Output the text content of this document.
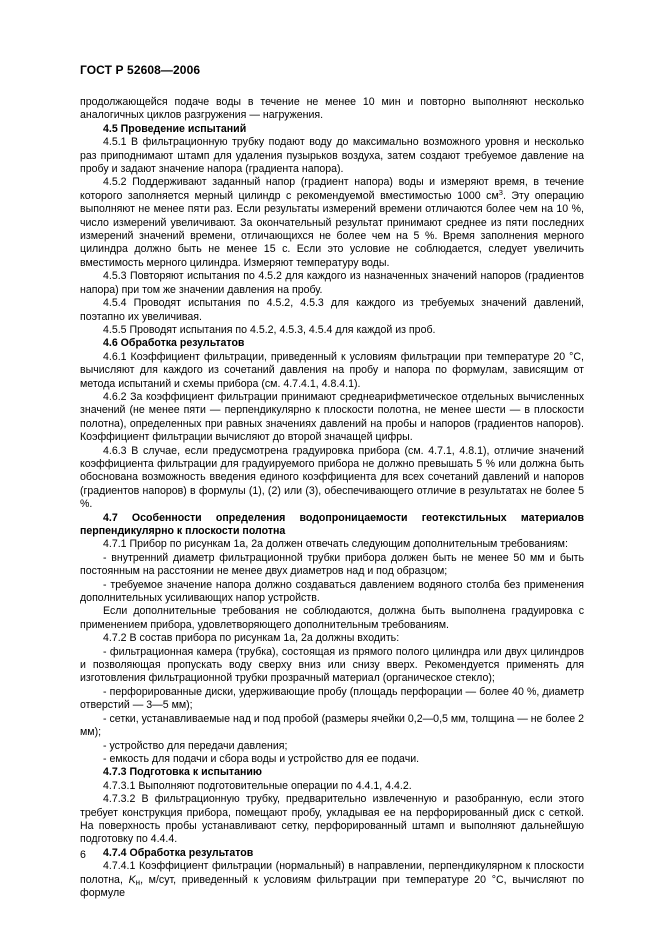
ГОСТ Р 52608—2006

продолжающейся подаче воды в течение не менее 10 мин и повторно выполняют несколько аналогичных циклов разгружения — нагружения.

4.5 Проведение испытаний

4.5.1 В фильтрационную трубку подают воду до максимально возможного уровня и несколько раз приподнимают штамп для удаления пузырьков воздуха, затем создают требуемое давление на пробу и задают значение напора (градиента напора).

4.5.2 Поддерживают заданный напор (градиент напора) воды и измеряют время, в течение которого заполняется мерный цилиндр с рекомендуемой вместимостью 1000 $см^3$. Эту операцию выполняют не менее пяти раз. Если результаты измерений времени отличаются более чем на 10 %, число измерений увеличивают. За окончательный результат принимают среднее из пяти последних измерений значений времени, отличающихся не более чем на 5 %. Время заполнения мерного цилиндра должно быть не менее 15 с. Если это условие не соблюдается, следует увеличить вместимость мерного цилиндра. Измеряют температуру воды.

4.5.3 Повторяют испытания по 4.5.2 для каждого из назначенных значений напоров (градиентов напора) при том же значении давления на пробу.

4.5.4 Проводят испытания по 4.5.2, 4.5.3 для каждого из требуемых значений давлений, поэтапно их увеличивая.

4.5.5 Проводят испытания по 4.5.2, 4.5.3, 4.5.4 для каждой из проб.

4.6 Обработка результатов

4.6.1 Коэффициент фильтрации, приведенный к условиям фильтрации при температуре 20 °С, вычисляют для каждого из сочетаний давления на пробу и напора по формулам, зависящим от метода испытаний и схемы прибора (см. 4.7.4.1, 4.8.4.1).

4.6.2 За коэффициент фильтрации принимают среднеарифметическое отдельных вычисленных значений (не менее пяти — перпендикулярно к плоскости полотна, не менее шести — в плоскости полотна), определенных при равных значениях давлений на пробы и напоров (градиентов напоров). Коэффициент фильтрации вычисляют до второй значащей цифры.

4.6.3 В случае, если предусмотрена градуировка прибора (см. 4.7.1, 4.8.1), отличие значений коэффициента фильтрации для градуируемого прибора не должно превышать 5 % или должна быть обоснована возможность введения единого коэффициента для всех сочетаний давлений и напоров (градиентов напоров) в формулы (1), (2) или (3), обеспечивающего отличие в результатах не более 5 %.

4.7 Особенности определения водопроницаемости геотекстильных материалов перпендикулярно к плоскости полотна

4.7.1 Прибор по рисункам 1а, 2а должен отвечать следующим дополнительным требованиям:

- внутренний диаметр фильтрационной трубки прибора должен быть не менее 50 мм и быть постоянным на расстоянии не менее двух диаметров над и под образцом;

- требуемое значение напора должно создаваться давлением водяного столба без применения дополнительных усиливающих напор устройств.

Если дополнительные требования не соблюдаются, должна быть выполнена градуировка с применением прибора, удовлетворяющего дополнительным требованиям.

4.7.2 В состав прибора по рисункам 1а, 2а должны входить:

- фильтрационная камера (трубка), состоящая из прямого полого цилиндра или двух цилиндров и позволяющая пропускать воду сверху вниз или снизу вверх. Рекомендуется применять для изготовления фильтрационной трубки прозрачный материал (органическое стекло);

- перфорированные диски, удерживающие пробу (площадь перфорации — более 40 %, диаметр отверстий — 3—5 мм);

- сетки, устанавливаемые над и под пробой (размеры ячейки 0,2—0,5 мм, толщина — не более 2 мм);

- устройство для передачи давления;

- емкость для подачи и сбора воды и устройство для ее подачи.

4.7.3 Подготовка к испытанию

4.7.3.1 Выполняют подготовительные операции по 4.4.1, 4.4.2.

4.7.3.2 В фильтрационную трубку, предварительно извлеченную и разобранную, если этого требует конструкция прибора, помещают пробу, укладывая ее на перфорированный диск с сеткой. На поверхность пробы устанавливают сетку, перфорированный штамп и выполняют дальнейшую подготовку по 4.4.4.

4.7.4 Обработка результатов

4.7.4.1 Коэффициент фильтрации (нормальный) в направлении, перпендикулярном к плоскости полотна, $K_н$, м/сут, приведенный к условиям фильтрации при температуре 20 °С, вычисляют по формуле

6
